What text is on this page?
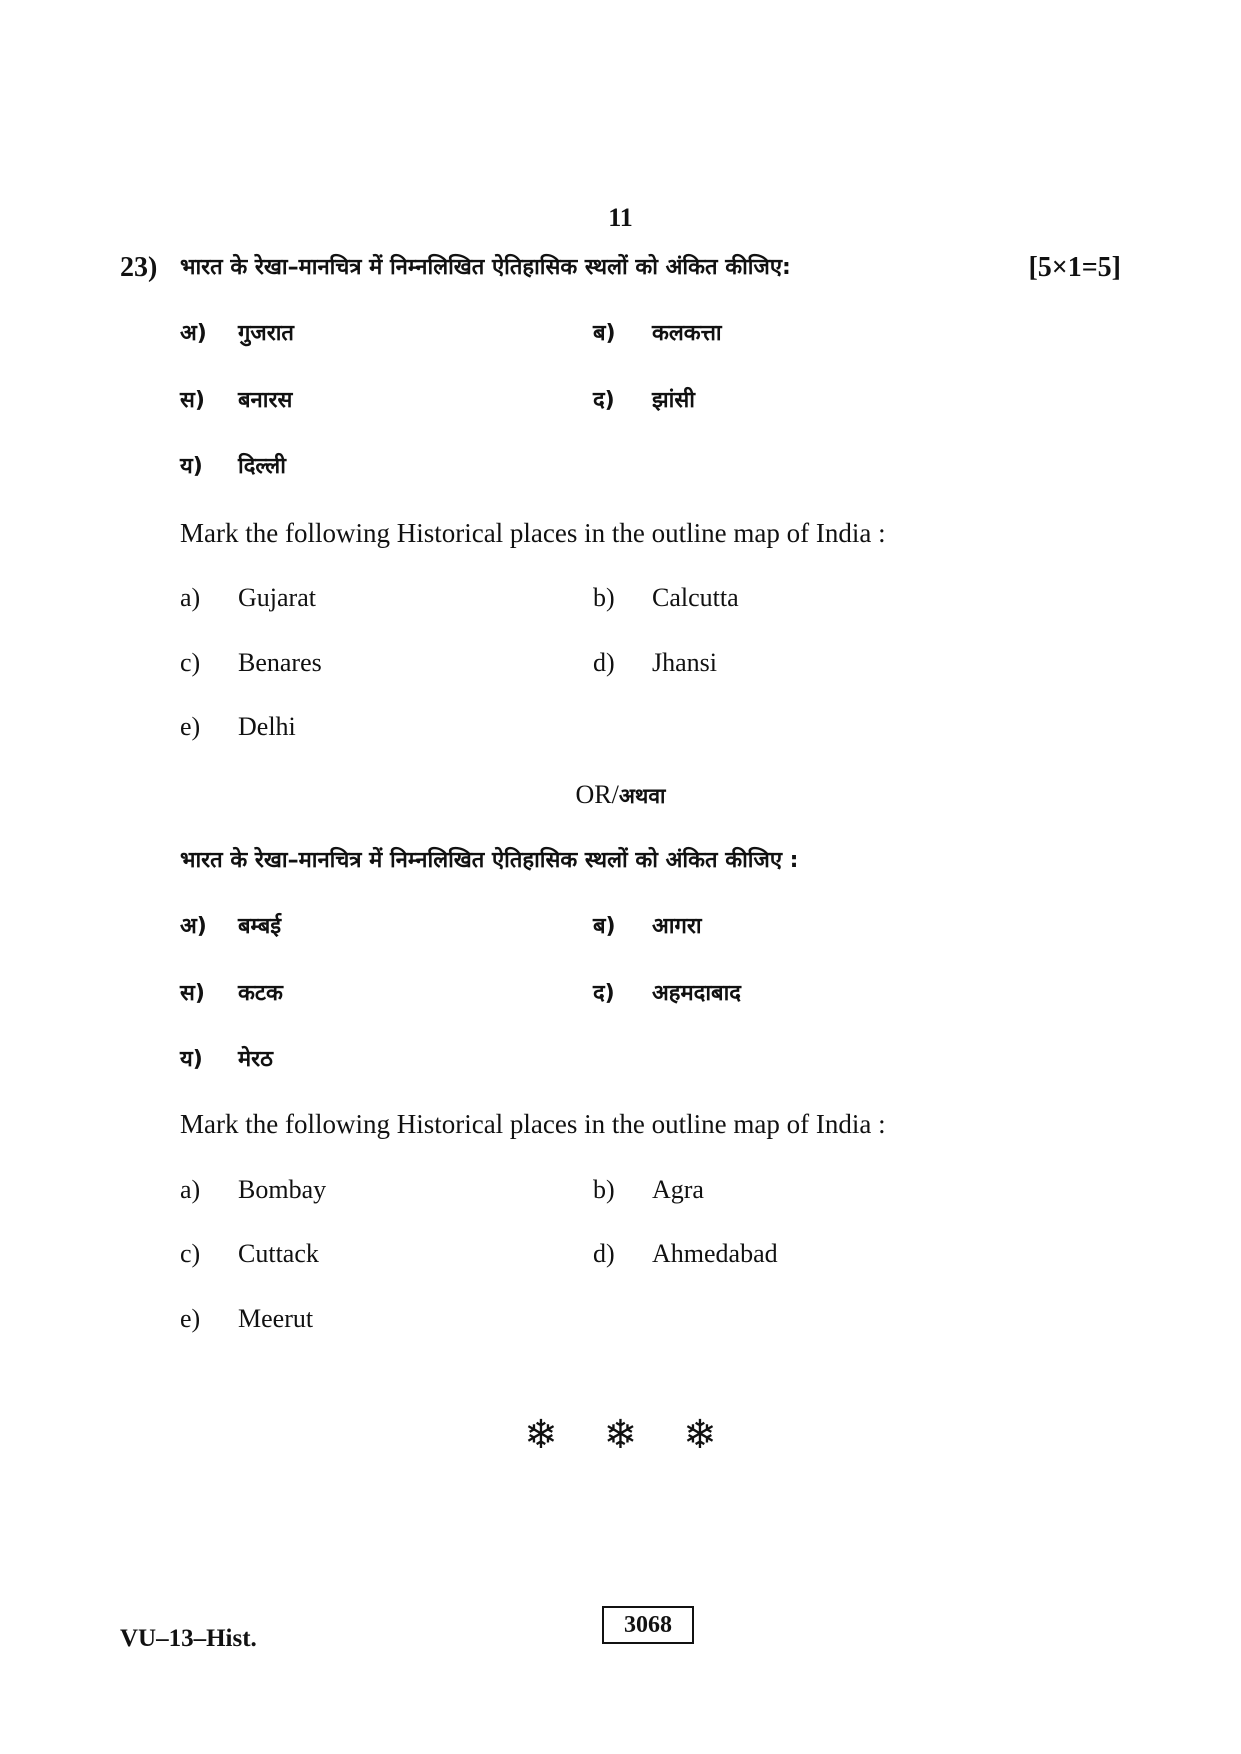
11
23) भारत के रेखा–मानचित्र में निम्नलिखित ऐतिहासिक स्थलों को अंकित कीजिए:	[5×1=5]
अ) गुजरात	ब) कलकत्ता
स) बनारस	द) झांसी
य) दिल्ली
Mark the following Historical places in the outline map of India :
a) Gujarat	b) Calcutta
c) Benares	d) Jhansi
e) Delhi
OR/अथवा
भारत के रेखा–मानचित्र में निम्नलिखित ऐतिहासिक स्थलों को अंकित कीजिए :
अ) बम्बई	ब) आगरा
स) कटक	द) अहमदाबाद
य) मेरठ
Mark the following Historical places in the outline map of India :
a) Bombay	b) Agra
c) Cuttack	d) Ahmedabad
e) Meerut
❄ ❄ ❄
VU–13–Hist.	3068
